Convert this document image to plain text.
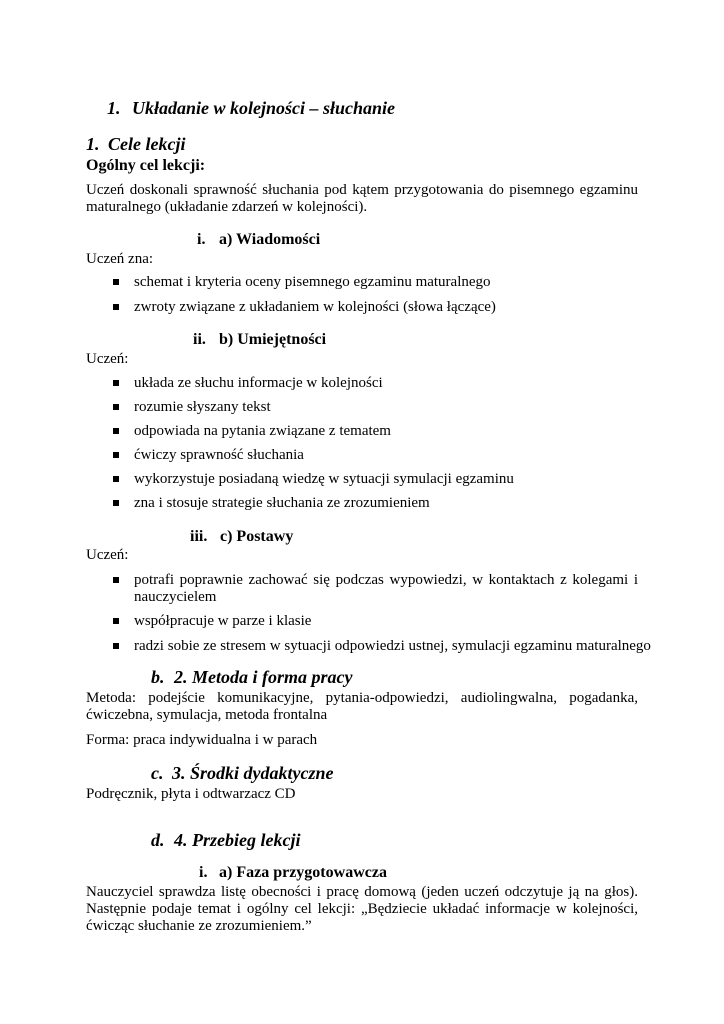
1. Układanie w kolejności – słuchanie
1. Cele lekcji
Ogólny cel lekcji:
Uczeń doskonali sprawność słuchania pod kątem przygotowania do pisemnego egzaminu maturalnego (układanie zdarzeń w kolejności).
i. a) Wiadomości
Uczeń zna:
schemat i kryteria oceny pisemnego egzaminu maturalnego
zwroty związane z układaniem w kolejności (słowa łączące)
ii. b) Umiejętności
Uczeń:
układa ze słuchu informacje w kolejności
rozumie słyszany tekst
odpowiada na pytania związane z tematem
ćwiczy sprawność słuchania
wykorzystuje posiadaną wiedzę w sytuacji symulacji egzaminu
zna i stosuje strategie słuchania ze zrozumieniem
iii. c) Postawy
Uczeń:
potrafi poprawnie zachować się podczas wypowiedzi, w kontaktach z kolegami i nauczycielem
współpracuje w parze i klasie
radzi sobie ze stresem w sytuacji odpowiedzi ustnej, symulacji egzaminu maturalnego
b. 2. Metoda i forma pracy
Metoda: podejście komunikacyjne, pytania-odpowiedzi, audiolingwalna, pogadanka, ćwiczebna, symulacja, metoda frontalna
Forma: praca indywidualna i w parach
c. 3. Środki dydaktyczne
Podręcznik, płyta i odtwarzacz CD
d. 4. Przebieg lekcji
i. a) Faza przygotowawcza
Nauczyciel sprawdza listę obecności i pracę domową (jeden uczeń odczytuje ją na głos). Następnie podaje temat i ogólny cel lekcji: „Będziecie układać informacje w kolejności, ćwicząc słuchanie ze zrozumieniem.”
